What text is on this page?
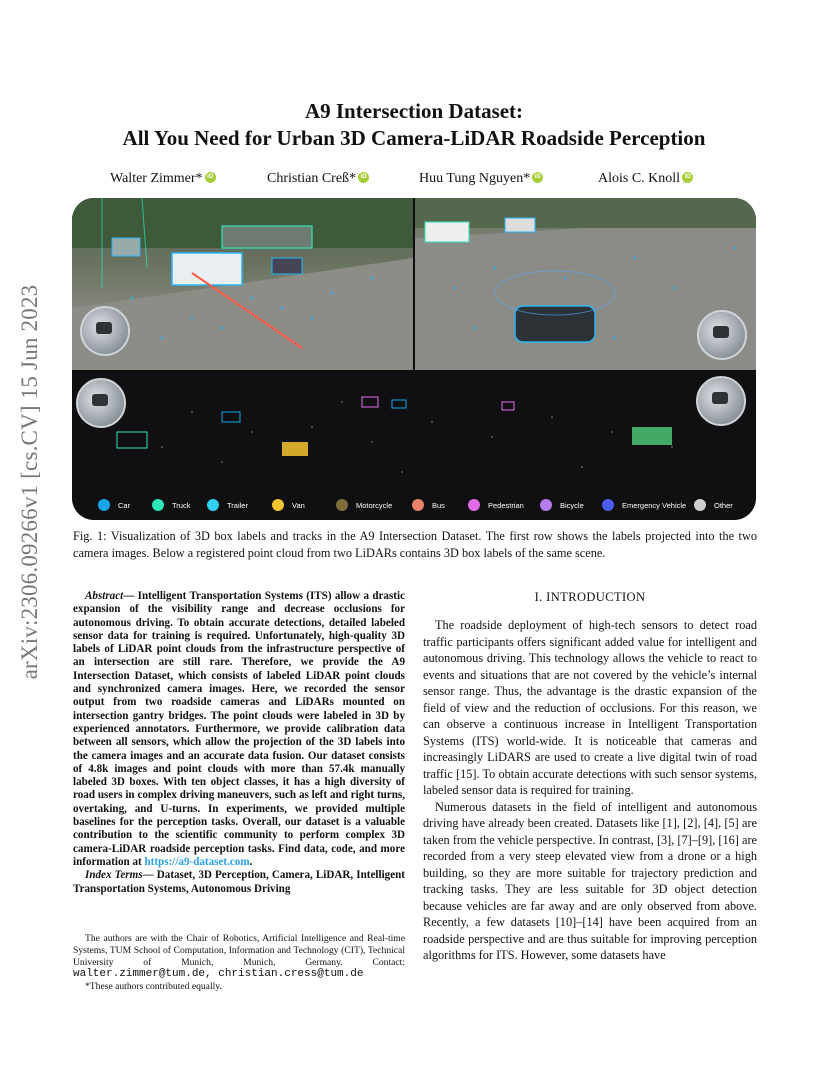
arXiv:2306.09266v1 [cs.CV] 15 Jun 2023
A9 Intersection Dataset:
All You Need for Urban 3D Camera-LiDAR Roadside Perception
Walter Zimmer* iD	Christian Creß* iD	Huu Tung Nguyen* iD	Alois C. Knoll iD
Car	Truck	Trailer	Van	Motorcycle	Bus	Pedestrian	Bicycle	Emergency Vehicle	Other
Fig. 1: Visualization of 3D box labels and tracks in the A9 Intersection Dataset. The first row shows the labels projected into the two camera images. Below a registered point cloud from two LiDARs contains 3D box labels of the same scene.

Abstract— Intelligent Transportation Systems (ITS) allow a drastic expansion of the visibility range and decrease occlusions for autonomous driving. To obtain accurate detections, detailed labeled sensor data for training is required. Unfortunately, high-quality 3D labels of LiDAR point clouds from the infrastructure perspective of an intersection are still rare. Therefore, we provide the A9 Intersection Dataset, which consists of labeled LiDAR point clouds and synchronized camera images. Here, we recorded the sensor output from two roadside cameras and LiDARs mounted on intersection gantry bridges. The point clouds were labeled in 3D by experienced annotators. Furthermore, we provide calibration data between all sensors, which allow the projection of the 3D labels into the camera images and an accurate data fusion. Our dataset consists of 4.8k images and point clouds with more than 57.4k manually labeled 3D boxes. With ten object classes, it has a high diversity of road users in complex driving maneuvers, such as left and right turns, overtaking, and U-turns. In experiments, we provided multiple baselines for the perception tasks. Overall, our dataset is a valuable contribution to the scientific community to perform complex 3D camera-LiDAR roadside perception tasks. Find data, code, and more information at https://a9-dataset.com.

Index Terms— Dataset, 3D Perception, Camera, LiDAR, Intelligent Transportation Systems, Autonomous Driving

The authors are with the Chair of Robotics, Artificial Intelligence and Real-time Systems, TUM School of Computation, Information and Technology (CIT), Technical University of Munich, Munich, Germany. Contact: walter.zimmer@tum.de, christian.cress@tum.de

*These authors contributed equally.

I. INTRODUCTION

The roadside deployment of high-tech sensors to detect road traffic participants offers significant added value for intelligent and autonomous driving. This technology allows the vehicle to react to events and situations that are not covered by the vehicle’s internal sensor range. Thus, the advantage is the drastic expansion of the field of view and the reduction of occlusions. For this reason, we can observe a continuous increase in Intelligent Transportation Systems (ITS) world-wide. It is noticeable that cameras and increasingly LiDARS are used to create a live digital twin of road traffic [15]. To obtain accurate detections with such sensor systems, labeled sensor data is required for training.

Numerous datasets in the field of intelligent and autonomous driving have already been created. Datasets like [1], [2], [4], [5] are taken from the vehicle perspective. In contrast, [3], [7]–[9], [16] are recorded from a very steep elevated view from a drone or a high building, so they are more suitable for trajectory prediction and tracking tasks. They are less suitable for 3D object detection because vehicles are far away and are only observed from above. Recently, a few datasets [10]–[14] have been acquired from an roadside perspective and are thus suitable for improving perception algorithms for ITS. However, some datasets have
